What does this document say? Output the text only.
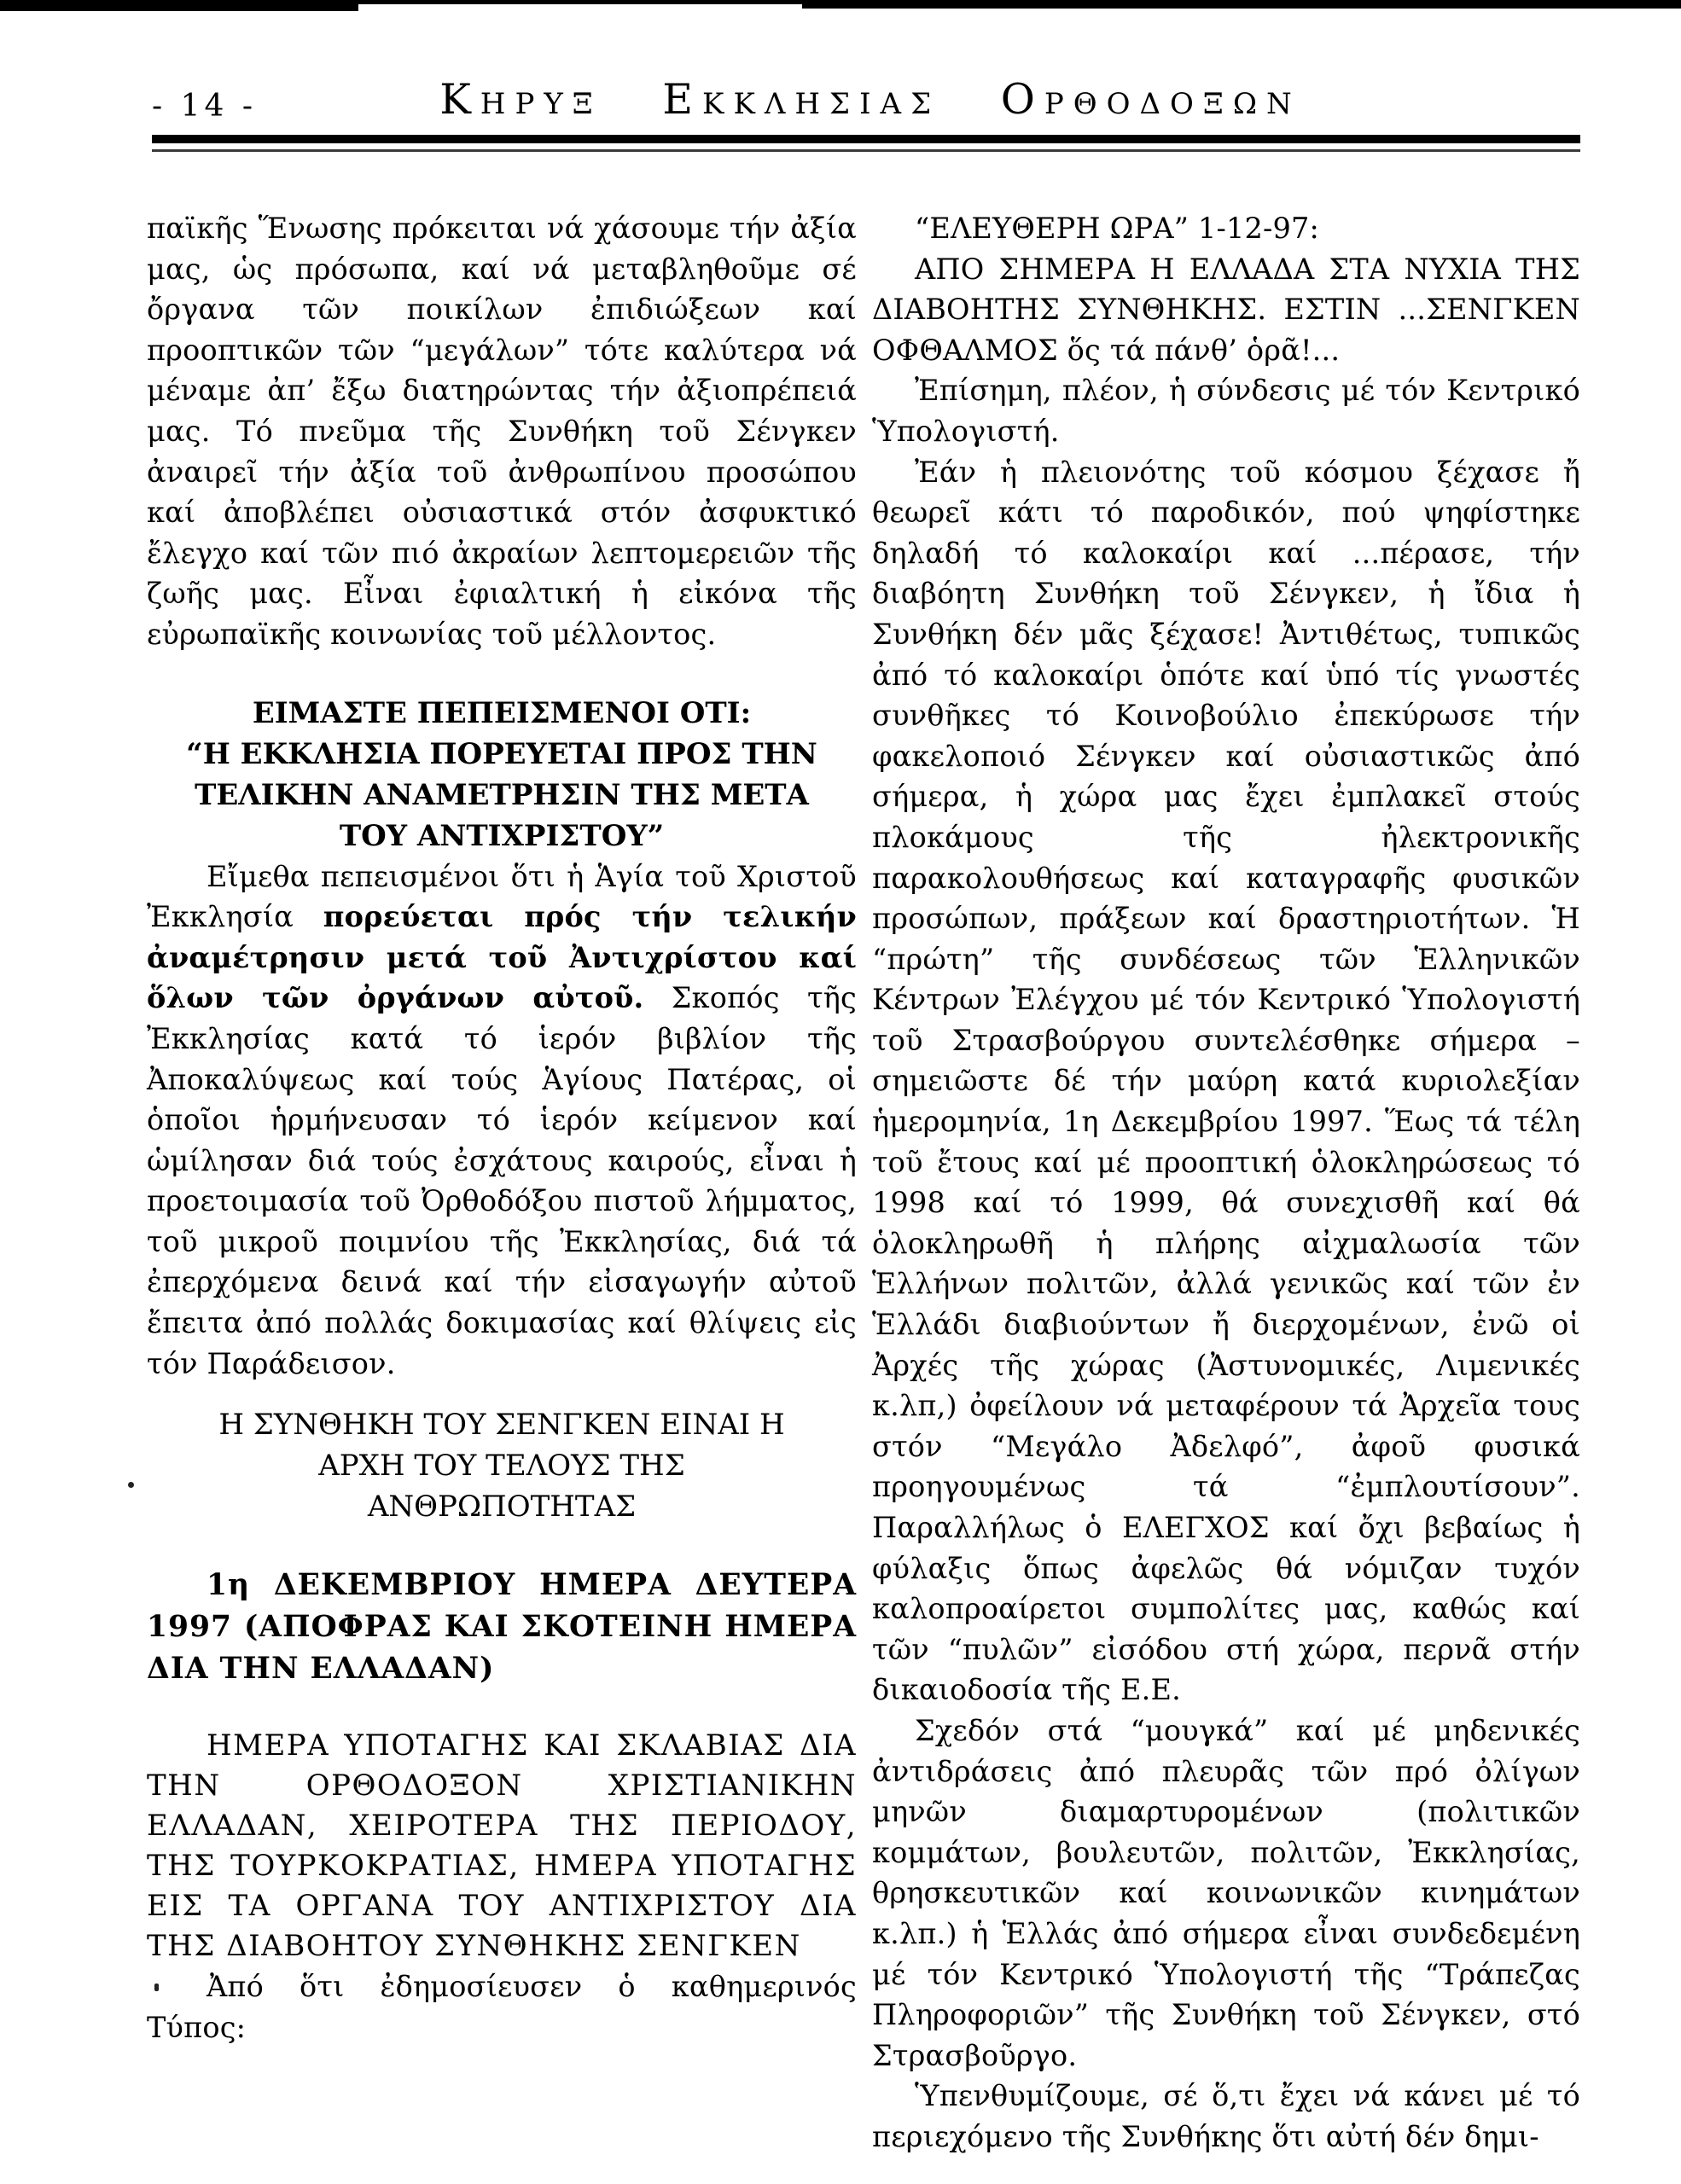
- 14 -	Κηρυξ Εκκλησιας Ορθοδοξων

παϊκῆς Ἕνωσης πρόκειται νά χάσουμε τήν ἀξία μας, ὡς πρόσωπα, καί νά μεταβληθοῦμε σέ ὄργανα τῶν ποικίλων ἐπιδιώξεων καί προοπτικῶν τῶν “μεγάλων” τότε καλύτερα νά μέναμε ἀπ’ ἔξω διατηρώντας τήν ἀξιοπρέπειά μας. Τό πνεῦμα τῆς Συνθήκη τοῦ Σένγκεν ἀναιρεῖ τήν ἀξία τοῦ ἀνθρωπίνου προσώπου καί ἀποβλέπει οὐσιαστικά στόν ἀσφυκτικό ἔλεγχο καί τῶν πιό ἀκραίων λεπτομερειῶν τῆς ζωῆς μας. Εἶναι ἐφιαλτική ἡ εἰκόνα τῆς εὐρωπαϊκῆς κοινωνίας τοῦ μέλλοντος.

ΕΙΜΑΣΤΕ ΠΕΠΕΙΣΜΕΝΟΙ ΟΤΙ:
“Η ΕΚΚΛΗΣΙΑ ΠΟΡΕΥΕΤΑΙ ΠΡΟΣ ΤΗΝ
ΤΕΛΙΚΗΝ ΑΝΑΜΕΤΡΗΣΙΝ ΤΗΣ ΜΕΤΑ
ΤΟΥ ΑΝΤΙΧΡΙΣΤΟΥ”

Εἴμεθα πεπεισμένοι ὅτι ἡ Ἁγία τοῦ Χριστοῦ Ἐκκλησία πορεύεται πρός τήν τελικήν ἀναμέτρησιν μετά τοῦ Ἀντιχρίστου καί ὅλων τῶν ὀργάνων αὐτοῦ. Σκοπός τῆς Ἐκκλησίας κατά τό ἱερόν βιβλίον τῆς Ἀποκαλύψεως καί τούς Ἁγίους Πατέρας, οἱ ὁποῖοι ἡρμήνευσαν τό ἱερόν κείμενον καί ὡμίλησαν διά τούς ἐσχάτους καιρούς, εἶναι ἡ προετοιμασία τοῦ Ὀρθοδόξου πιστοῦ λήμματος, τοῦ μικροῦ ποιμνίου τῆς Ἐκκλησίας, διά τά ἐπερχόμενα δεινά καί τήν εἰσαγωγήν αὐτοῦ ἔπειτα ἀπό πολλάς δοκιμασίας καί θλίψεις εἰς τόν Παράδεισον.

Η ΣΥΝΘΗΚΗ ΤΟΥ ΣΕΝΓΚΕΝ ΕΙΝΑΙ Η
ΑΡΧΗ ΤΟΥ ΤΕΛΟΥΣ ΤΗΣ
ΑΝΘΡΩΠΟΤΗΤΑΣ

1η ΔΕΚΕΜΒΡΙΟΥ ΗΜΕΡΑ ΔΕΥΤΕΡΑ 1997 (ΑΠΟΦΡΑΣ ΚΑΙ ΣΚΟΤΕΙΝΗ ΗΜΕΡΑ ΔΙΑ ΤΗΝ ΕΛΛΑΔΑΝ)

ΗΜΕΡΑ ΥΠΟΤΑΓΗΣ ΚΑΙ ΣΚΛΑΒΙΑΣ ΔΙΑ ΤΗΝ ΟΡΘΟΔΟΞΟΝ ΧΡΙΣΤΙΑΝΙΚΗΝ ΕΛΛΑΔΑΝ, ΧΕΙΡΟΤΕΡΑ ΤΗΣ ΠΕΡΙΟΔΟΥ, ΤΗΣ ΤΟΥΡΚΟΚΡΑΤΙΑΣ, ΗΜΕΡΑ ΥΠΟΤΑΓΗΣ ΕΙΣ ΤΑ ΟΡΓΑΝΑ ΤΟΥ ΑΝΤΙΧΡΙΣΤΟΥ ΔΙΑ ΤΗΣ ΔΙΑΒΟΗΤΟΥ ΣΥΝΘΗΚΗΣ ΣΕΝΓΚΕΝ

Ἀπό ὅτι ἐδημοσίευσεν ὁ καθημερινός Τύπος:

“ΕΛΕΥΘΕΡΗ ΩΡΑ” 1-12-97:

ΑΠΟ ΣΗΜΕΡΑ Η ΕΛΛΑΔΑ ΣΤΑ ΝΥΧΙΑ ΤΗΣ ΔΙΑΒΟΗΤΗΣ ΣΥΝΘΗΚΗΣ. ΕΣΤΙΝ ...ΣΕΝΓΚΕΝ ΟΦΘΑΛΜΟΣ ὅς τά πάνθ’ ὁρᾶ!...

Ἐπίσημη, πλέον, ἡ σύνδεσις μέ τόν Κεντρικό Ὑπολογιστή.

Ἐάν ἡ πλειονότης τοῦ κόσμου ξέχασε ἤ θεωρεῖ κάτι τό παροδικόν, πού ψηφίστηκε δηλαδή τό καλοκαίρι καί ...πέρασε, τήν διαβόητη Συνθήκη τοῦ Σένγκεν, ἡ ἴδια ἡ Συνθήκη δέν μᾶς ξέχασε! Ἀντιθέτως, τυπικῶς ἀπό τό καλοκαίρι ὁπότε καί ὑπό τίς γνωστές συνθῆκες τό Κοινοβούλιο ἐπεκύρωσε τήν φακελοποιό Σένγκεν καί οὐσιαστικῶς ἀπό σήμερα, ἡ χώρα μας ἔχει ἐμπλακεῖ στούς πλοκάμους τῆς ἠλεκτρονικῆς παρακολουθήσεως καί καταγραφῆς φυσικῶν προσώπων, πράξεων καί δραστηριοτήτων. Ἡ “πρώτη” τῆς συνδέσεως τῶν Ἑλληνικῶν Κέντρων Ἐλέγχου μέ τόν Κεντρικό Ὑπολογιστή τοῦ Στρασβούργου συντελέσθηκε σήμερα –σημειῶστε δέ τήν μαύρη κατά κυριολεξίαν ἡμερομηνία, 1η Δεκεμβρίου 1997. Ἕως τά τέλη τοῦ ἔτους καί μέ προοπτική ὁλοκληρώσεως τό 1998 καί τό 1999, θά συνεχισθῆ καί θά ὁλοκληρωθῆ ἡ πλήρης αἰχμαλωσία τῶν Ἑλλήνων πολιτῶν, ἀλλά γενικῶς καί τῶν ἐν Ἑλλάδι διαβιούντων ἤ διερχομένων, ἐνῶ οἱ Ἀρχές τῆς χώρας (Ἀστυνομικές, Λιμενικές κ.λπ,) ὀφείλουν νά μεταφέρουν τά Ἀρχεῖα τους στόν “Μεγάλο Ἀδελφό”, ἀφοῦ φυσικά προηγουμένως τά “ἐμπλουτίσουν”. Παραλλήλως ὁ ΕΛΕΓΧΟΣ καί ὄχι βεβαίως ἡ φύλαξις ὅπως ἀφελῶς θά νόμιζαν τυχόν καλοπροαίρετοι συμπολίτες μας, καθώς καί τῶν “πυλῶν” εἰσόδου στή χώρα, περνᾶ στήν δικαιοδοσία τῆς Ε.Ε.

Σχεδόν στά “μουγκά” καί μέ μηδενικές ἀντιδράσεις ἀπό πλευρᾶς τῶν πρό ὀλίγων μηνῶν διαμαρτυρομένων (πολιτικῶν κομμάτων, βουλευτῶν, πολιτῶν, Ἐκκλησίας, θρησκευτικῶν καί κοινωνικῶν κινημάτων κ.λπ.) ἡ Ἑλλάς ἀπό σήμερα εἶναι συνδεδεμένη μέ τόν Κεντρικό Ὑπολογιστή τῆς “Τράπεζας Πληροφοριῶν” τῆς Συνθήκη τοῦ Σένγκεν, στό Στρασβοῦργο.

Ὑπενθυμίζουμε, σέ ὅ,τι ἔχει νά κάνει μέ τό περιεχόμενο τῆς Συνθήκης ὅτι αὐτή δέν δημι-
